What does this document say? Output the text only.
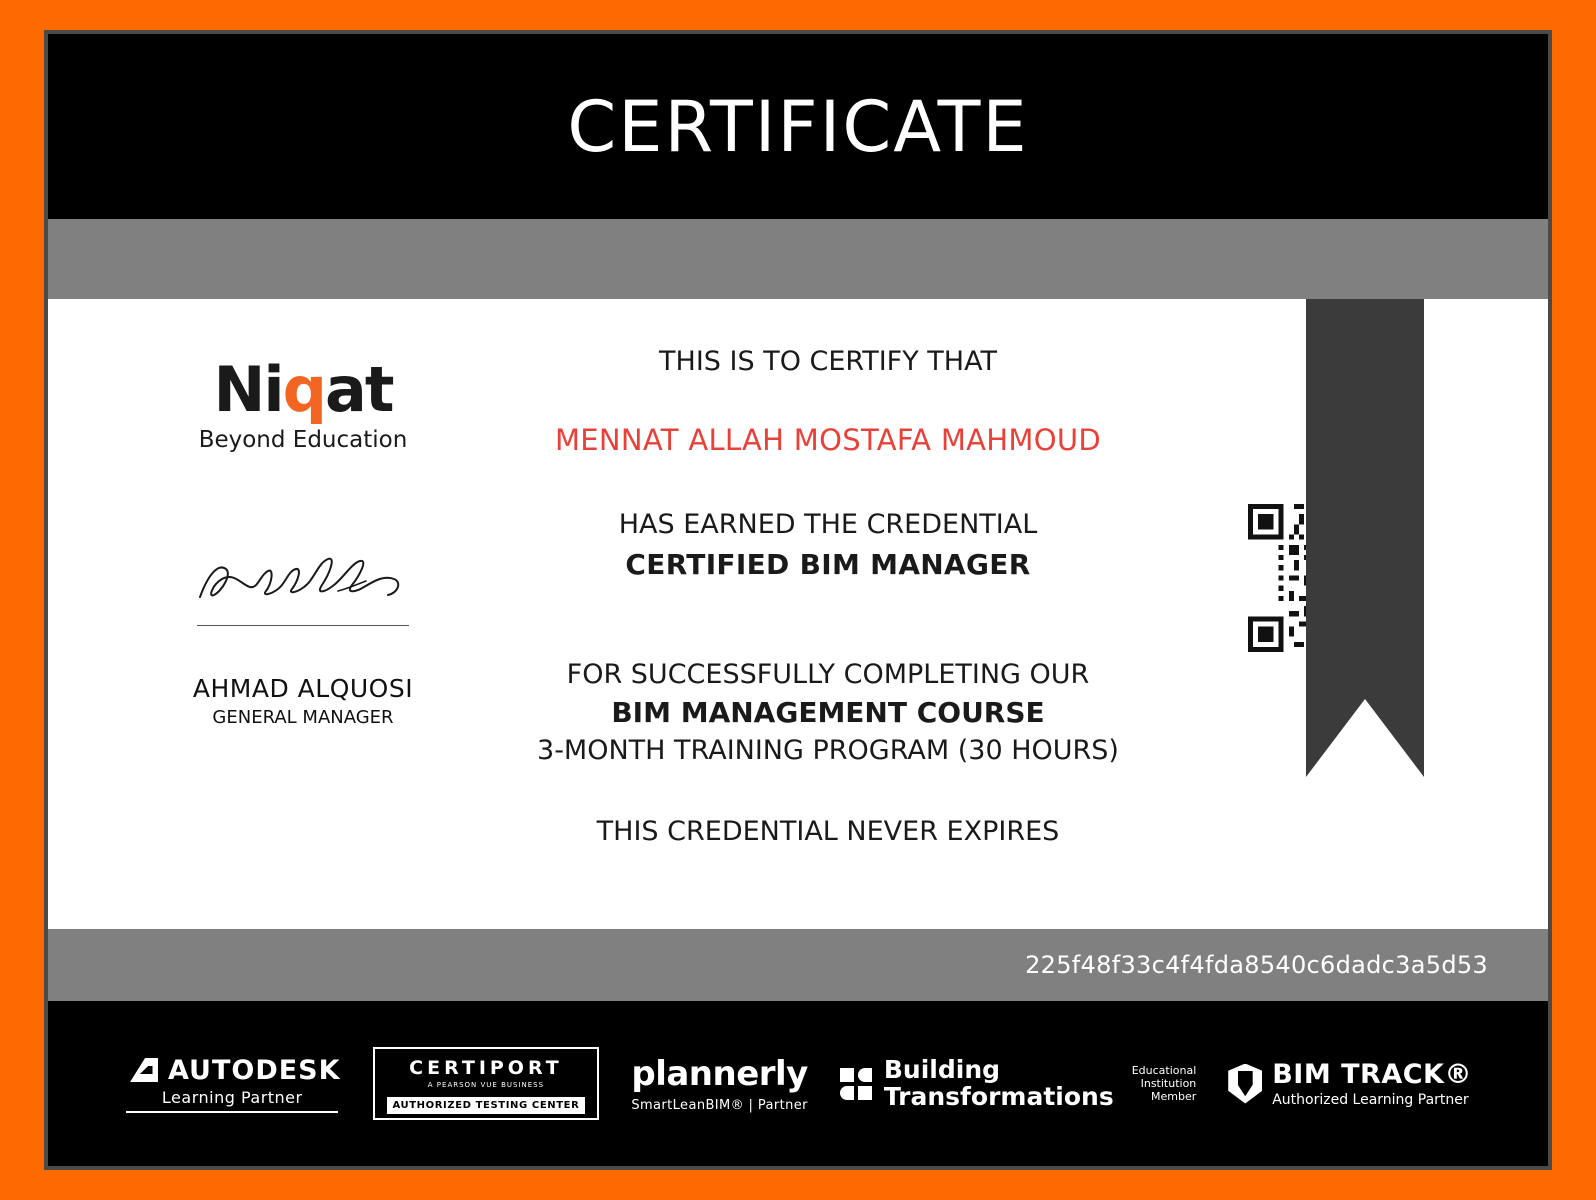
CERTIFICATE
Niqat
Beyond Education
AHMAD ALQUOSI
GENERAL MANAGER

THIS IS TO CERTIFY THAT

MENNAT ALLAH MOSTAFA MAHMOUD

HAS EARNED THE CREDENTIAL

CERTIFIED BIM MANAGER

FOR SUCCESSFULLY COMPLETING OUR

BIM MANAGEMENT COURSE

3-MONTH TRAINING PROGRAM (30 HOURS)

THIS CREDENTIAL NEVER EXPIRES

225f48f33c4f4fda8540c6dadc3a5d53
AUTODESK
Learning Partner
CERTIPORT
A PEARSON VUE BUSINESS
AUTHORIZED TESTING CENTER
plannerly
SmartLeanBIM® | Partner
Building
Transformations
Educational
Institution
Member
BIM TRACK®
Authorized Learning Partner
